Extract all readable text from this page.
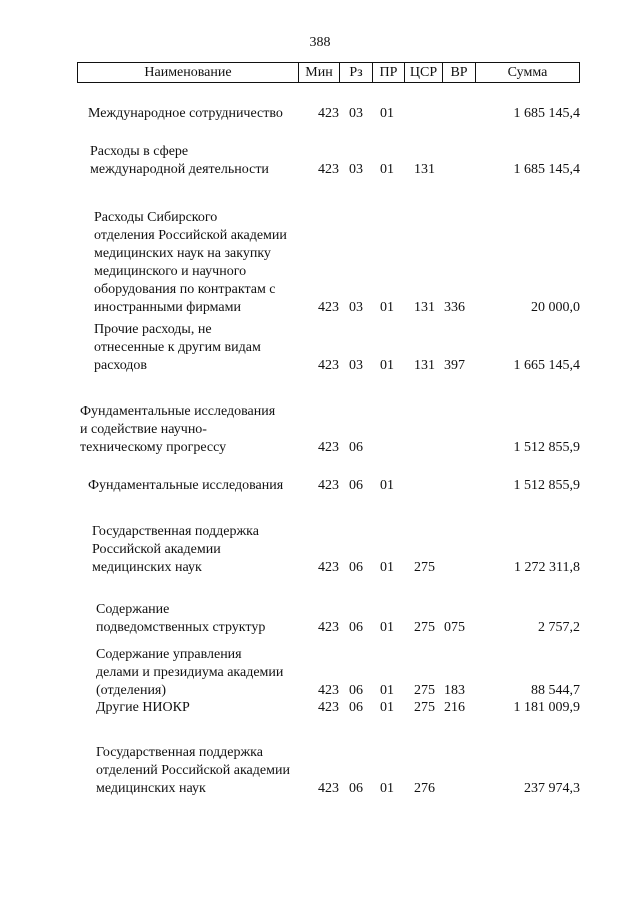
388
Наименование	Мин	Рз	ПР ЦСР ВР	Сумма
Международное сотрудничество	423 03 01	1 685 145,4
Расходы в сфере
международной деятельности	423 03 01 131	1 685 145,4
Расходы Сибирского
отделения Российской академии
медицинских наук на закупку
медицинского и научного
оборудования по контрактам с
иностранными фирмами	423 03 01 131 336	20 000,0
Прочие расходы, не
отнесенные к другим видам
расходов	423 03 01 131 397	1 665 145,4
Фундаментальные исследования
и содействие научно-
техническому прогрессу	423 06	1 512 855,9
Фундаментальные исследования	423 06 01	1 512 855,9
Государственная поддержка
Российской академии
медицинских наук	423 06 01 275	1 272 311,8
Содержание
подведомственных структур	423 06 01 275 075	2 757,2
Содержание управления
делами и президиума академии
(отделения)	423 06 01 275 183	88 544,7
Другие НИОКР	423 06 01 275 216	1 181 009,9
Государственная поддержка
отделений Российской академии
медицинских наук	423 06 01 276	237 974,3
